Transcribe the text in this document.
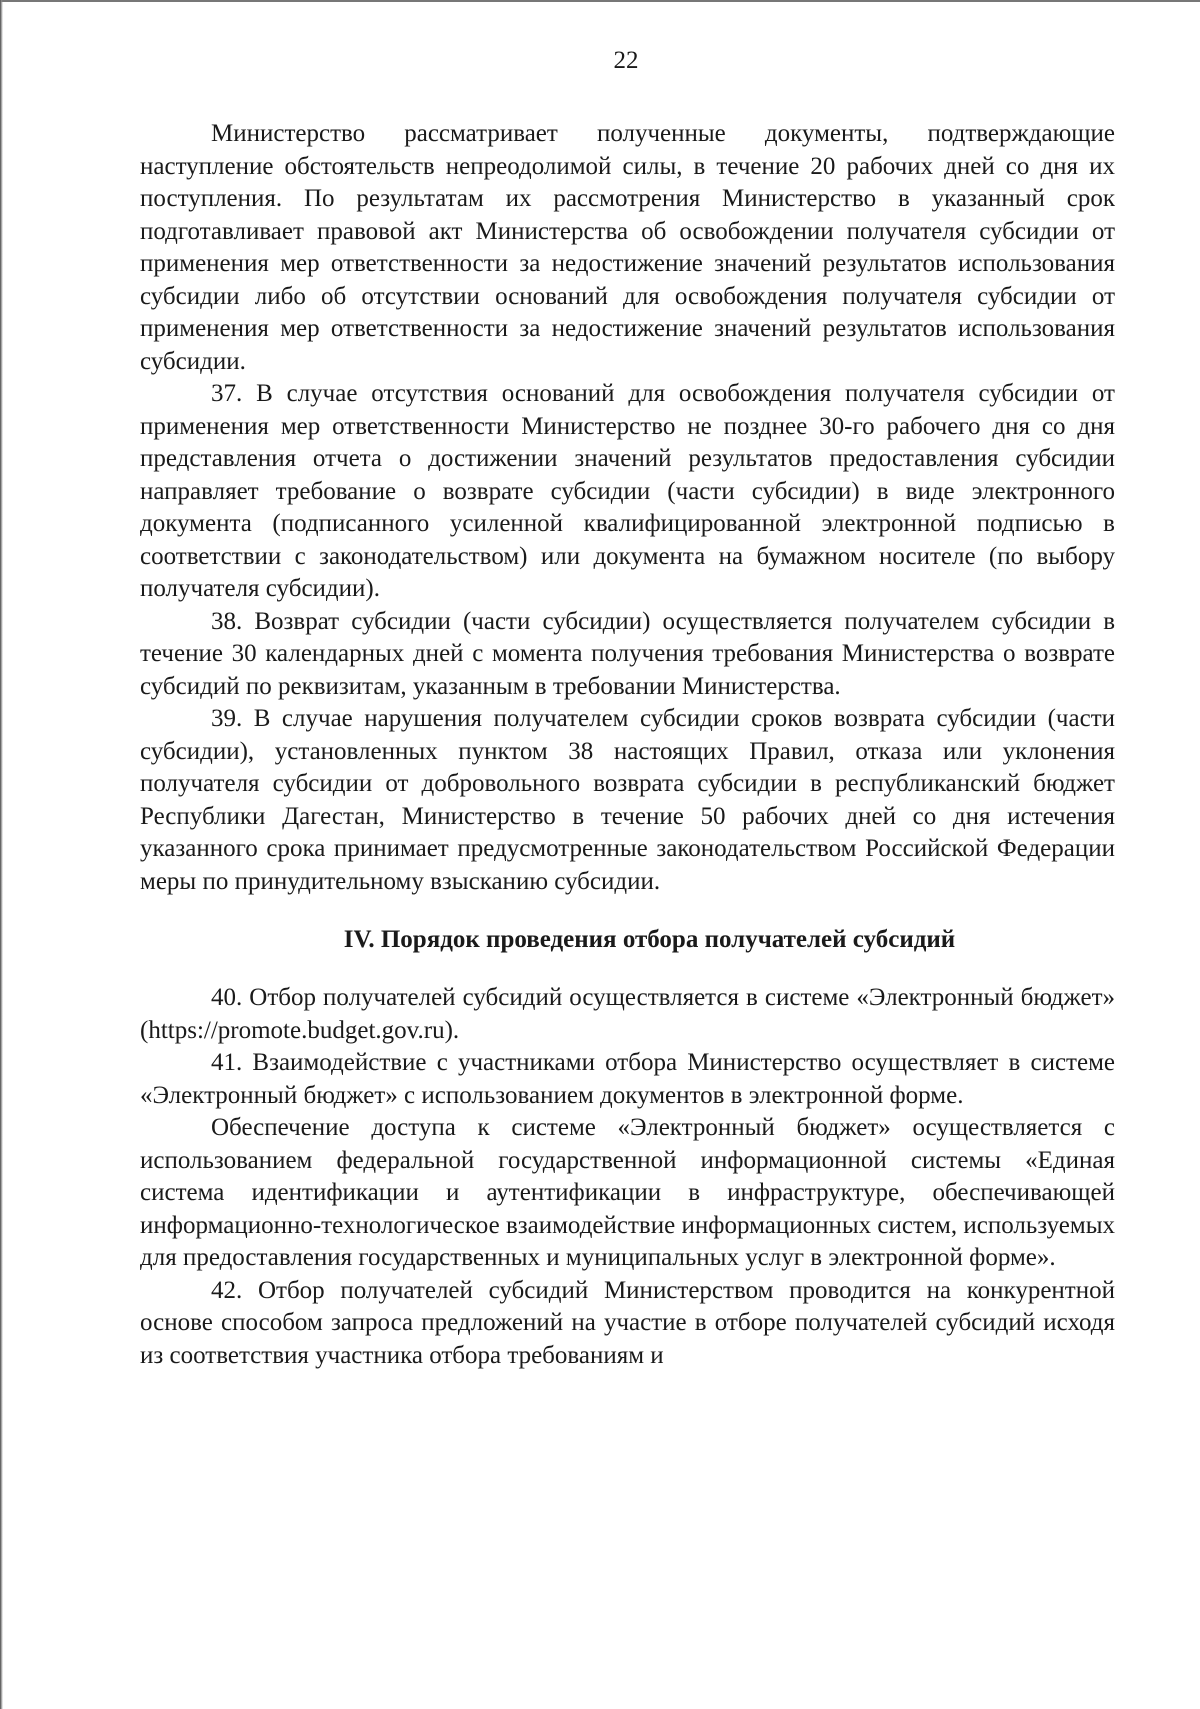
22

Министерство рассматривает полученные документы, подтверждающие наступление обстоятельств непреодолимой силы, в течение 20 рабочих дней со дня их поступления. По результатам их рассмотрения Министерство в указанный срок подготавливает правовой акт Министерства об освобождении получателя субсидии от применения мер ответственности за недостижение значений результатов использования субсидии либо об отсутствии оснований для освобождения получателя субсидии от применения мер ответственности за недостижение значений результатов использования субсидии.

37. В случае отсутствия оснований для освобождения получателя субсидии от применения мер ответственности Министерство не позднее 30-го рабочего дня со дня представления отчета о достижении значений результатов предоставления субсидии направляет требование о возврате субсидии (части субсидии) в виде электронного документа (подписанного усиленной квалифицированной электронной подписью в соответствии с законодательством) или документа на бумажном носителе (по выбору получателя субсидии).

38. Возврат субсидии (части субсидии) осуществляется получателем субсидии в течение 30 календарных дней с момента получения требования Министерства о возврате субсидий по реквизитам, указанным в требовании Министерства.

39. В случае нарушения получателем субсидии сроков возврата субсидии (части субсидии), установленных пунктом 38 настоящих Правил, отказа или уклонения получателя субсидии от добровольного возврата субсидии в республиканский бюджет Республики Дагестан, Министерство в течение 50 рабочих дней со дня истечения указанного срока принимает предусмотренные законодательством Российской Федерации меры по принудительному взысканию субсидии.

IV. Порядок проведения отбора получателей субсидий

40. Отбор получателей субсидий осуществляется в системе «Электронный бюджет» (https://promote.budget.gov.ru).

41. Взаимодействие с участниками отбора Министерство осуществляет в системе «Электронный бюджет» с использованием документов в электронной форме.

Обеспечение доступа к системе «Электронный бюджет» осуществляется с использованием федеральной государственной информационной системы «Единая система идентификации и аутентификации в инфраструктуре, обеспечивающей информационно-технологическое взаимодействие информационных систем, используемых для предоставления государственных и муниципальных услуг в электронной форме».

42. Отбор получателей субсидий Министерством проводится на конкурентной основе способом запроса предложений на участие в отборе получателей субсидий исходя из соответствия участника отбора требованиям и
